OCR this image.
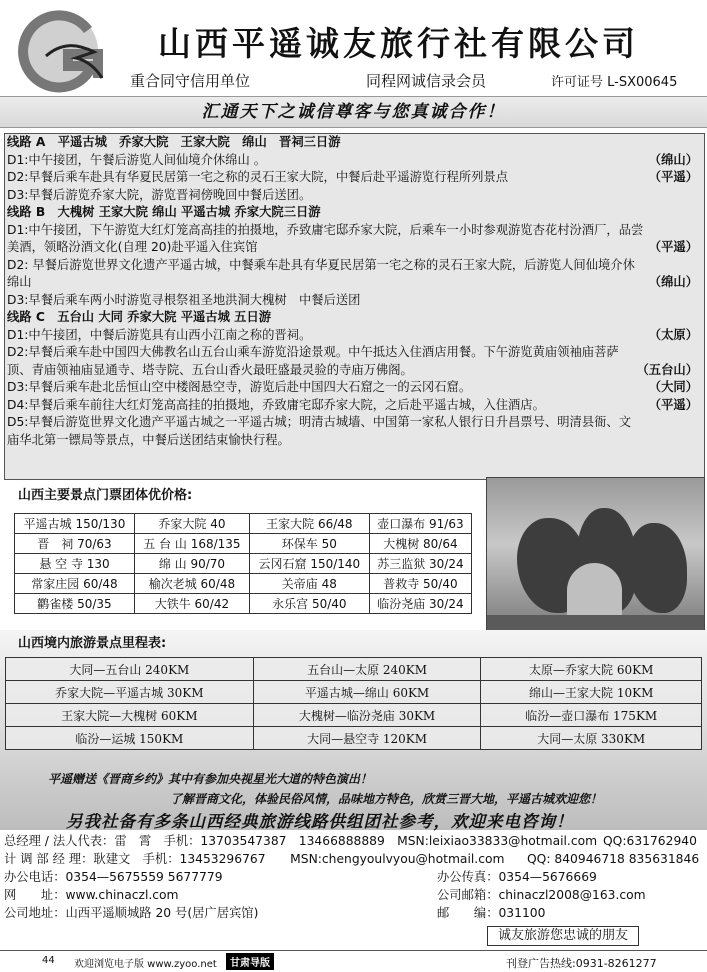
山西平遥诚友旅行社有限公司
重合同守信用单位	同程网诚信录会员	许可证号 L-SX00645
汇通天下之诚信尊客与您真诚合作！
线路 A　平遥古城　乔家大院　王家大院　绵山　晋祠三日游
D1:中午接团，午餐后游览人间仙境介休绵山 。	（绵山）
D2:早餐后乘车赴具有华夏民居第一宅之称的灵石王家大院，中餐后赴平遥游览行程所列景点	（平遥）
D3:早餐后游览乔家大院，游览晋祠傍晚回中餐后送团。
线路 B　大槐树 王家大院 绵山 平遥古城 乔家大院三日游
D1:中午接团，下午游览大红灯笼高高挂的拍摄地，乔致庸宅邸乔家大院，后乘车一小时参观游览杏花村汾酒厂，品尝
美酒，领略汾酒文化(自理 20)赴平遥入住宾馆	（平遥）
D2: 早餐后游览世界文化遗产平遥古城，中餐乘车赴具有华夏民居第一宅之称的灵石王家大院，后游览人间仙境介休
绵山	（绵山）
D3:早餐后乘车两小时游览寻根祭祖圣地洪洞大槐树　中餐后送团
线路 C　五台山 大同 乔家大院 平遥古城 五日游
D1:中午接团，中餐后游览具有山西小江南之称的晋祠。	（太原）
D2:早餐后乘车赴中国四大佛教名山五台山乘车游览沿途景观。中午抵达入住酒店用餐。下午游览黄庙领袖庙菩萨
顶、青庙领袖庙显通寺、塔寺院、五台山香火最旺盛最灵验的寺庙万佛阁。	（五台山）
D3:早餐后乘车赴北岳恒山空中楼阁悬空寺，游览后赴中国四大石窟之一的云冈石窟。	（大同）
D4:早餐后乘车前往大红灯笼高高挂的拍摄地，乔致庸宅邸乔家大院，之后赴平遥古城，入住酒店。	（平遥）
D5:早餐后游览世界文化遗产平遥古城之一平遥古城；明清古城墙、中国第一家私人银行日升昌票号、明清县衙、文
庙华北第一镖局等景点，中餐后送团结束愉快行程。
山西主要景点门票团体优价格:
平遥古城 150/130	乔家大院 40	王家大院 66/48	壶口瀑布 91/63
晋　祠 70/63	五 台 山 168/135	环保车 50	大槐树 80/64
悬 空 寺 130	绵 山 90/70	云冈石窟 150/140	苏三监狱 30/24
常家庄园 60/48	榆次老城 60/48	关帝庙 48	普救寺 50/40
鹳雀楼 50/35	大铁牛 60/42	永乐宫 50/40	临汾尧庙 30/24
山西境内旅游景点里程表:
大同—五台山 240KM	五台山—太原 240KM	太原—乔家大院 60KM
乔家大院—平遥古城 30KM	平遥古城—绵山 60KM	绵山—王家大院 10KM
王家大院—大槐树 60KM	大槐树—临汾尧庙 30KM	临汾—壶口瀑布 175KM
临汾—运城 150KM	大同—悬空寺 120KM	大同—太原 330KM
平遥赠送《晋商乡约》其中有参加央视星光大道的特色演出！
了解晋商文化，体验民俗风情，品味地方特色，欣赏三晋大地，平遥古城欢迎您！
另我社备有多条山西经典旅游线路供组团社参考，欢迎来电咨询！
总经理 / 法人代表：雷　霄　手机：13703547387　13466888889　MSN:leixiao33833@hotmail.com QQ:631762940
计 调 部 经 理：耿建文　手机：13453296767　　MSN:chengyoulvyou@hotmail.com QQ: 840946718 835631846
办公电话：0354—5675559 5677779	办公传真：0354—5676669
网　　址：www.chinaczl.com	公司邮箱：chinaczl2008@163.com
公司地址：山西平遥顺城路 20 号(居广居宾馆)	邮　　编：031100
诚友旅游您忠诚的朋友
44 欢迎浏览电子版 www.zyoo.net	甘肃导版	刊登广告热线:0931-8261277
